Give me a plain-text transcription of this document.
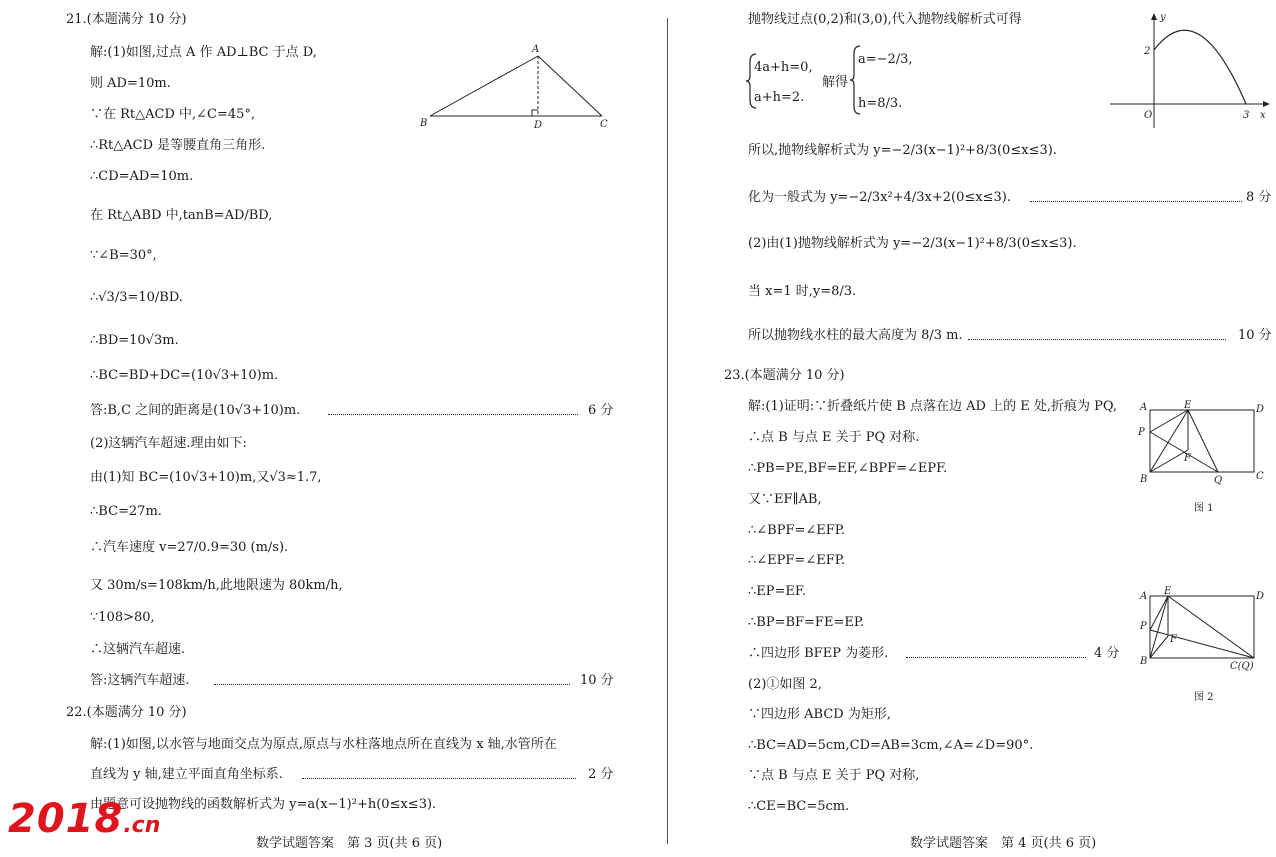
21.(本题满分 10 分)
解:(1)如图,过点 A 作 AD⊥BC 于点 D,
则 AD=10m.
∵在 Rt△ACD 中,∠C=45°,
∴Rt△ACD 是等腰直角三角形.
∴CD=AD=10m.
在 Rt△ABD 中,tanB=AD/BD,
∵∠B=30°,
∴√3/3=10/BD.
∴BD=10√3m.
∴BC=BD+DC=(10√3+10)m.
答:B,C 之间的距离是(10√3+10)m.	6 分
(2)这辆汽车超速.理由如下:
由(1)知 BC=(10√3+10)m,又√3≈1.7,
∴BC=27m.
∴汽车速度 v=27/0.9=30 (m/s).
又 30m/s=108km/h,此地限速为 80km/h,
∵108>80,
∴这辆汽车超速.
答:这辆汽车超速.	10 分
22.(本题满分 10 分)
解:(1)如图,以水管与地面交点为原点,原点与水柱落地点所在直线为 x 轴,水管所在
直线为 y 轴,建立平面直角坐标系.	2 分
由题意可设抛物线的函数解析式为 y=a(x−1)²+h(0≤x≤3).
A
B	C
D
数学试题答案　第 3 页(共 6 页)
抛物线过点(0,2)和(3,0),代入抛物线解析式可得
4a+h=0,
a+h=2.
解得
a=−2/3,
h=8/3.
所以,抛物线解析式为 y=−2/3(x−1)²+8/3(0≤x≤3).
化为一般式为 y=−2/3x²+4/3x+2(0≤x≤3).	8 分
(2)由(1)抛物线解析式为 y=−2/3(x−1)²+8/3(0≤x≤3).
当 x=1 时,y=8/3.
所以抛物线水柱的最大高度为 8/3 m.	10 分
23.(本题满分 10 分)
解:(1)证明:∵折叠纸片使 B 点落在边 AD 上的 E 处,折痕为 PQ,
∴点 B 与点 E 关于 PQ 对称.
∴PB=PE,BF=EF,∠BPF=∠EPF.
又∵EF∥AB,
∴∠BPF=∠EFP.
∴∠EPF=∠EFP.
∴EP=EF.
∴BP=BF=FE=EP.
∴四边形 BFEP 为菱形.	4 分
(2)①如图 2,
∵四边形 ABCD 为矩形,
∴BC=AD=5cm,CD=AB=3cm,∠A=∠D=90°.
∵点 B 与点 E 关于 PQ 对称,
∴CE=BC=5cm.
y
2
O	3 x
A	E	D
P
F
B	Q	C
图 1
A E	D
P
F
B	C(Q)
图 2
数学试题答案　第 4 页(共 6 页)
2018.cn
